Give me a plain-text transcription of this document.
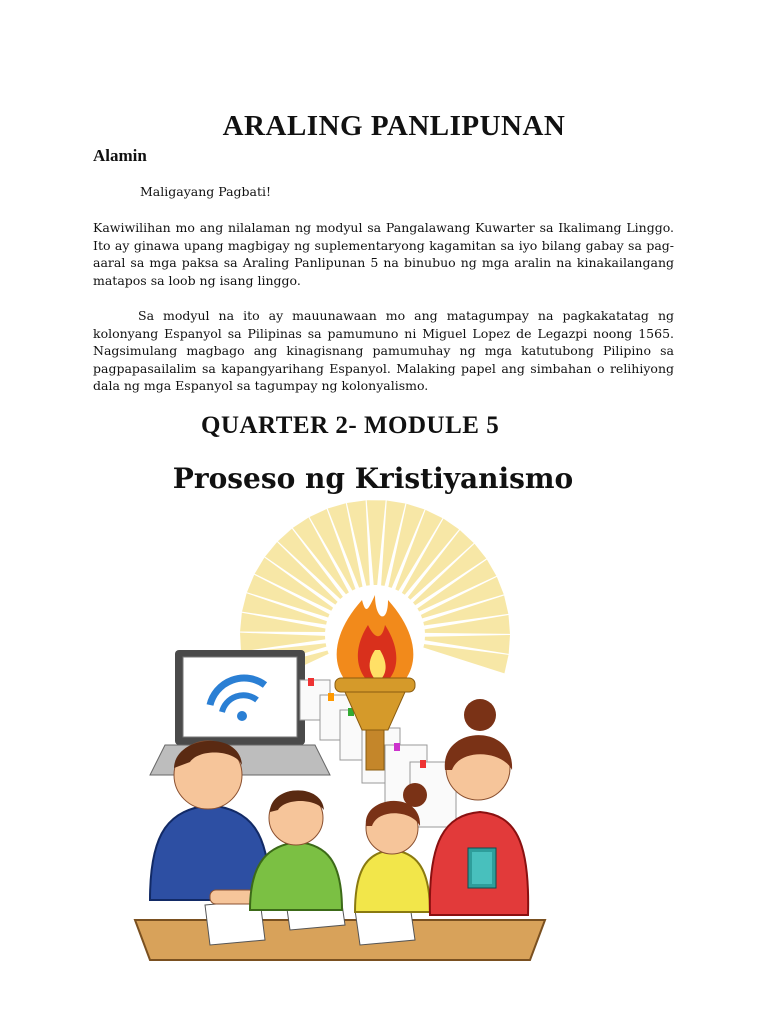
ARALING PANLIPUNAN
Alamin
Maligayang Pagbati!
Kawiwilihan mo ang nilalaman ng modyul sa Pangalawang Kuwarter sa Ikalimang Linggo. Ito ay ginawa upang magbigay ng suplementaryong kagamitan sa iyo bilang gabay sa pag-aaral sa mga paksa sa Araling Panlipunan 5 na binubuo ng mga aralin na kinakailangang matapos sa loob ng isang linggo.
Sa modyul na ito ay mauunawaan mo ang matagumpay na pagkakatatag ng kolonyang Espanyol sa Pilipinas sa pamumuno ni Miguel Lopez de Legazpi noong 1565. Nagsimulang magbago ang kinagisnang pamumuhay ng mga katutubong Pilipino sa pagpapasailalim sa kapangyarihang Espanyol. Malaking papel ang simbahan o relihiyong dala ng mga Espanyol sa tagumpay ng kolonyalismo.
QUARTER 2- MODULE 5
Proseso ng Kristiyanismo
